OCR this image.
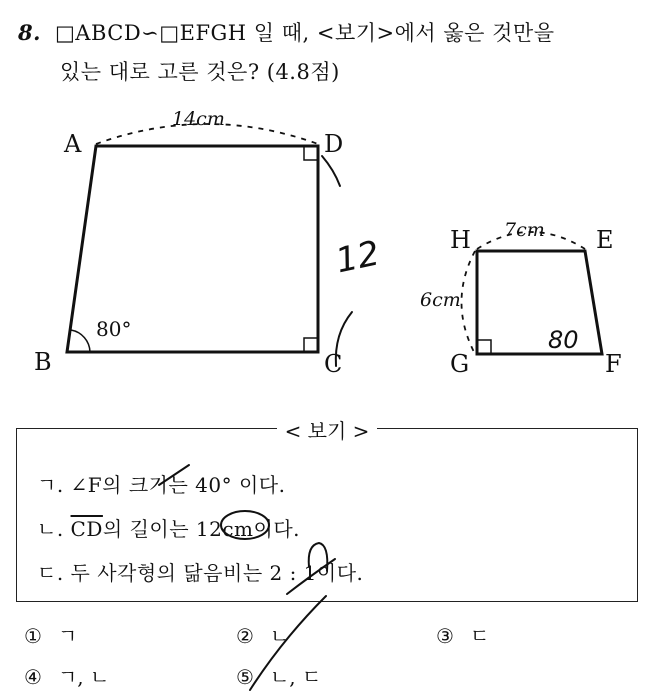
8. □ABCD∽□EFGH 일 때, <보기>에서 옳은 것만을
있는 대로 고른 것은? (4.8점)
A	D
B	C
14cm
80°
H	E
G	F
7cm
6cm
12
80
< 보기 >
ㄱ. ∠F의 크기는 40° 이다.
ㄴ. $\overline{CD}$의 길이는 12cm이다.
ㄷ. 두 사각형의 닮음비는 2 : 1이다.
① ㄱ	② ㄴ	③ ㄷ
④ ㄱ, ㄴ	⑤ ㄴ, ㄷ
